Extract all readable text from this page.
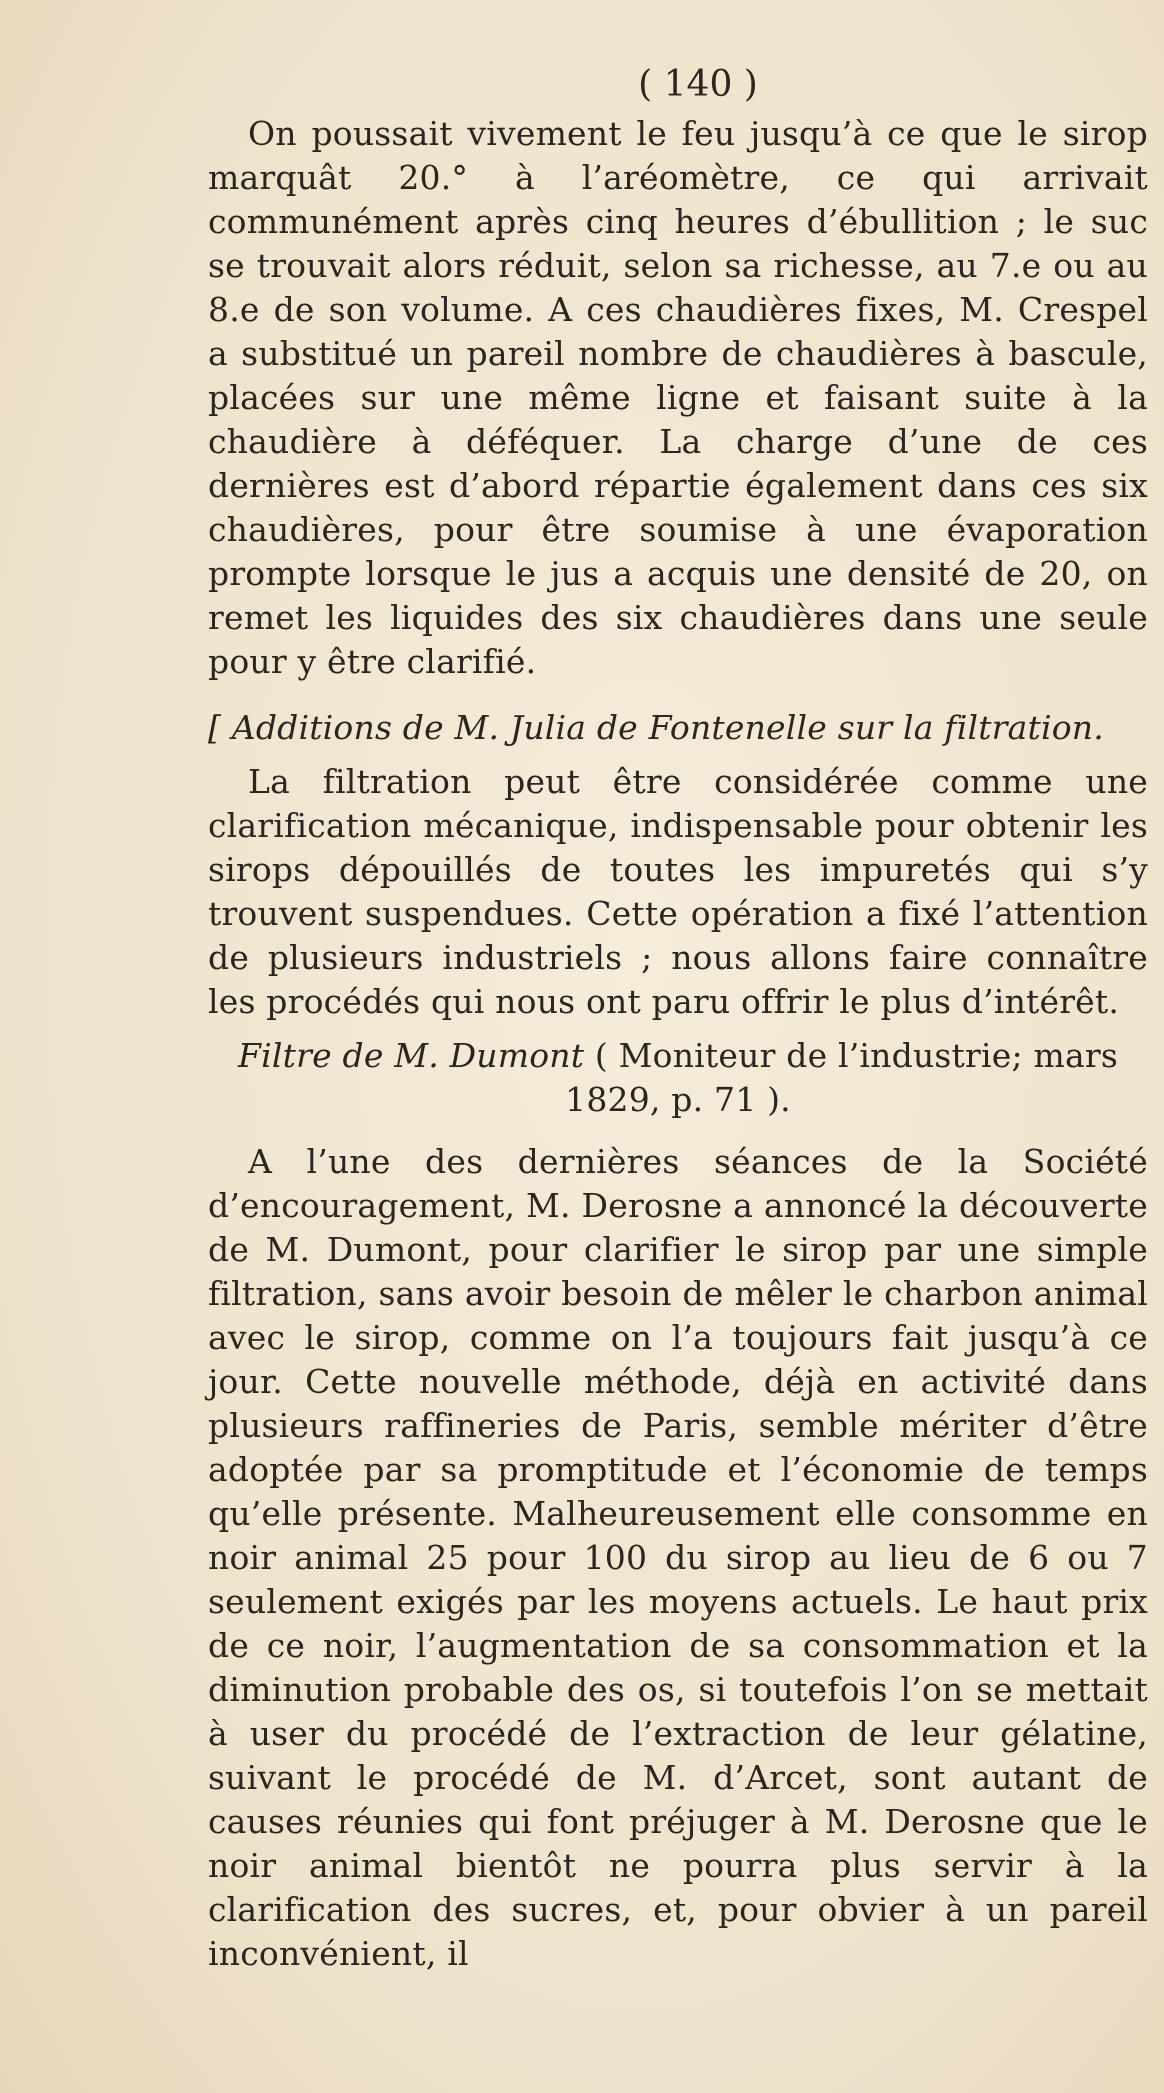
( 140 )

On poussait vivement le feu jusqu’à ce que le sirop marquât 20.° à l’aréomètre, ce qui arrivait communément après cinq heures d’ébullition ; le suc se trouvait alors réduit, selon sa richesse, au 7.e ou au 8.e de son volume. A ces chaudières fixes, M. Crespel a substitué un pareil nombre de chaudières à bascule, placées sur une même ligne et faisant suite à la chaudière à déféquer. La charge d’une de ces dernières est d’abord répartie également dans ces six chaudières, pour être soumise à une évaporation prompte lorsque le jus a acquis une densité de 20, on remet les liquides des six chaudières dans une seule pour y être clarifié.

[ Additions de M. Julia de Fontenelle sur la filtration.

La filtration peut être considérée comme une clarification mécanique, indispensable pour obtenir les sirops dépouillés de toutes les impuretés qui s’y trouvent suspendues. Cette opération a fixé l’attention de plusieurs industriels ; nous allons faire connaître les procédés qui nous ont paru offrir le plus d’intérêt.

Filtre de M. Dumont ( Moniteur de l’industrie; mars 1829, p. 71 ).

A l’une des dernières séances de la Société d’encouragement, M. Derosne a annoncé la découverte de M. Dumont, pour clarifier le sirop par une simple filtration, sans avoir besoin de mêler le charbon animal avec le sirop, comme on l’a toujours fait jusqu’à ce jour. Cette nouvelle méthode, déjà en activité dans plusieurs raffineries de Paris, semble mériter d’être adoptée par sa promptitude et l’économie de temps qu’elle présente. Malheureusement elle consomme en noir animal 25 pour 100 du sirop au lieu de 6 ou 7 seulement exigés par les moyens actuels. Le haut prix de ce noir, l’augmentation de sa consommation et la diminution probable des os, si toutefois l’on se mettait à user du procédé de l’extraction de leur gélatine, suivant le procédé de M. d’Arcet, sont autant de causes réunies qui font préjuger à M. Derosne que le noir animal bientôt ne pourra plus servir à la clarification des sucres, et, pour obvier à un pareil inconvénient, il
